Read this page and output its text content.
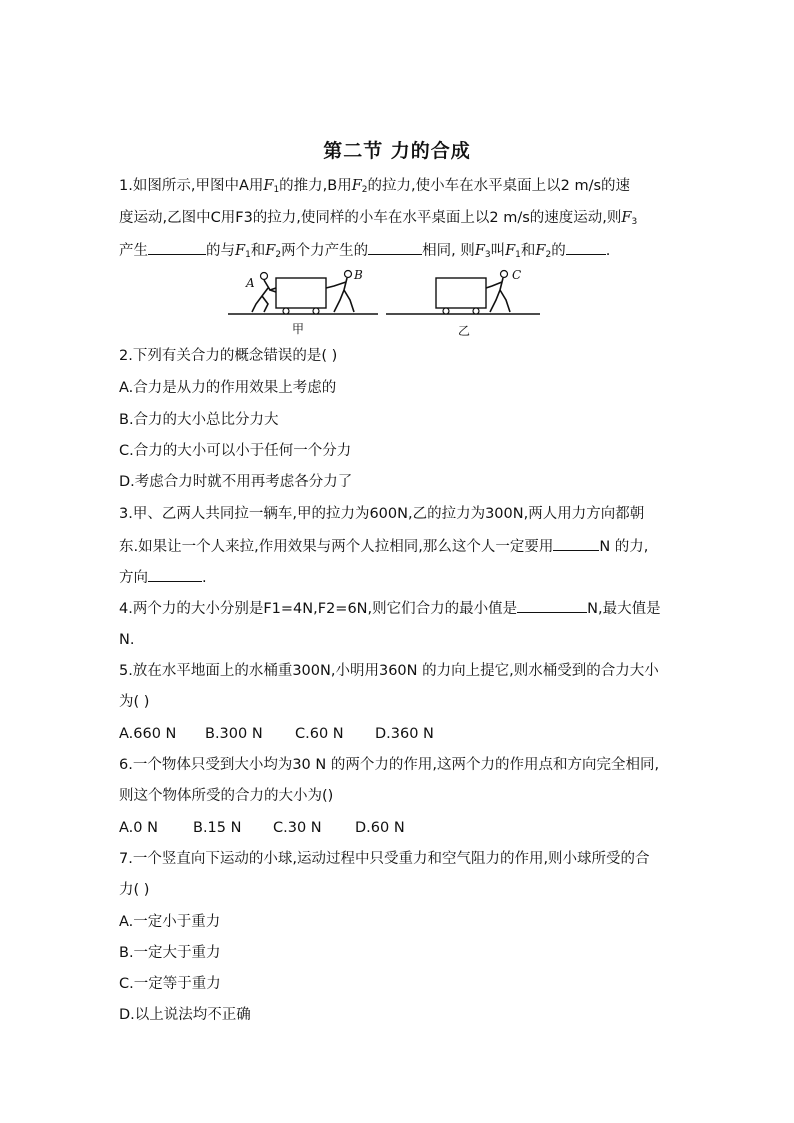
第二节 力的合成
1.如图所示,甲图中A用$F_1$的推力,B用$F_2$的拉力,使小车在水平桌面上以2 m/s的速
度运动,乙图中C用F3的拉力,使同样的小车在水平桌面上以2 m/s的速度运动,则$F_3$
产生	的与$F_1$和$F_2$两个力产生的	相同, 则$F_3$叫$F_1$和$F_2$的	.
A
B	C
甲	乙
2.下列有关合力的概念错误的是( )
A.合力是从力的作用效果上考虑的
B.合力的大小总比分力大
C.合力的大小可以小于任何一个分力
D.考虑合力时就不用再考虑各分力了
3.甲、乙两人共同拉一辆车,甲的拉力为600N,乙的拉力为300N,两人用力方向都朝
东.如果让一个人来拉,作用效果与两个人拉相同,那么这个人一定要用	N 的力,
方向	.
4.两个力的大小分别是F1=4N,F2=6N,则它们合力的最小值是	N,最大值是
N.
5.放在水平地面上的水桶重300N,小明用360N 的力向上提它,则水桶受到的合力大小
为( )
A.660 N B.300 N C.60 N D.360 N
6.一个物体只受到大小均为30 N 的两个力的作用,这两个力的作用点和方向完全相同,
则这个物体所受的合力的大小为()
A.0 N B.15 N C.30 N D.60 N
7.一个竖直向下运动的小球,运动过程中只受重力和空气阻力的作用,则小球所受的合
力( )
A.一定小于重力
B.一定大于重力
C.一定等于重力
D.以上说法均不正确
